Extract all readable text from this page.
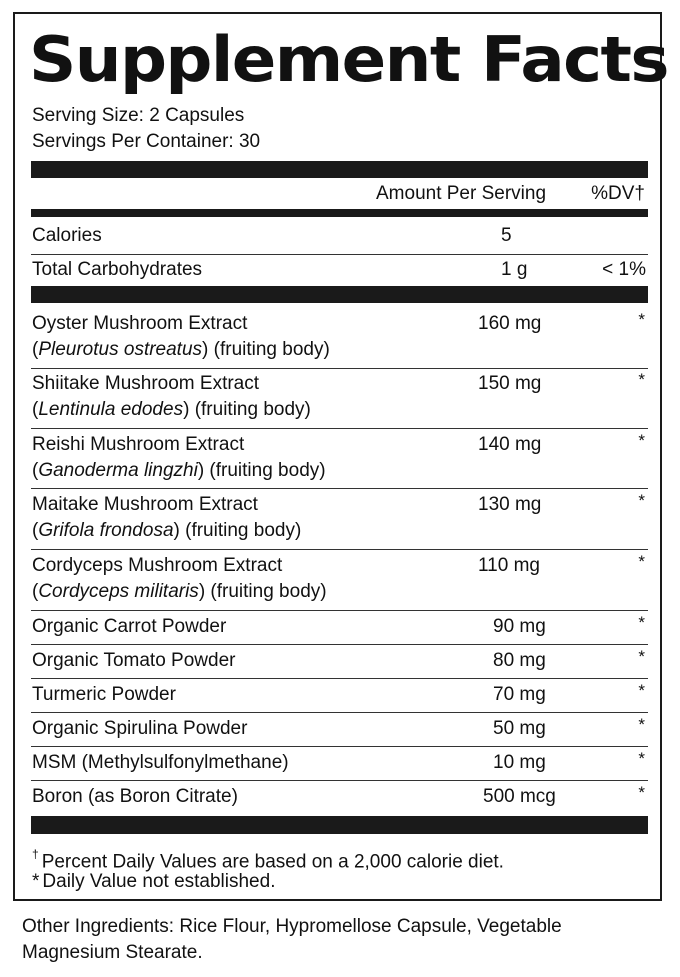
Supplement Facts
Serving Size: 2 Capsules
Servings Per Container: 30
Amount Per Serving %DV†
Calories	5
Total Carbohydrates	1 g	< 1%
Oyster Mushroom Extract
(Pleurotus ostreatus) (fruiting body)
160 mg	*
Shiitake Mushroom Extract
(Lentinula edodes) (fruiting body)
150 mg	*
Reishi Mushroom Extract
(Ganoderma lingzhi) (fruiting body)
140 mg	*
Maitake Mushroom Extract
(Grifola frondosa) (fruiting body)
130 mg	*
Cordyceps Mushroom Extract
(Cordyceps militaris) (fruiting body)
110 mg	*
Organic Carrot Powder	90 mg	*
Organic Tomato Powder	80 mg	*
Turmeric Powder	70 mg	*
Organic Spirulina Powder	50 mg	*
MSM (Methylsulfonylmethane)	10 mg	*
Boron (as Boron Citrate)	500 mcg	*
† Percent Daily Values are based on a 2,000 calorie diet.
* Daily Value not established.
Other Ingredients: Rice Flour, Hypromellose Capsule, Vegetable Magnesium Stearate.
